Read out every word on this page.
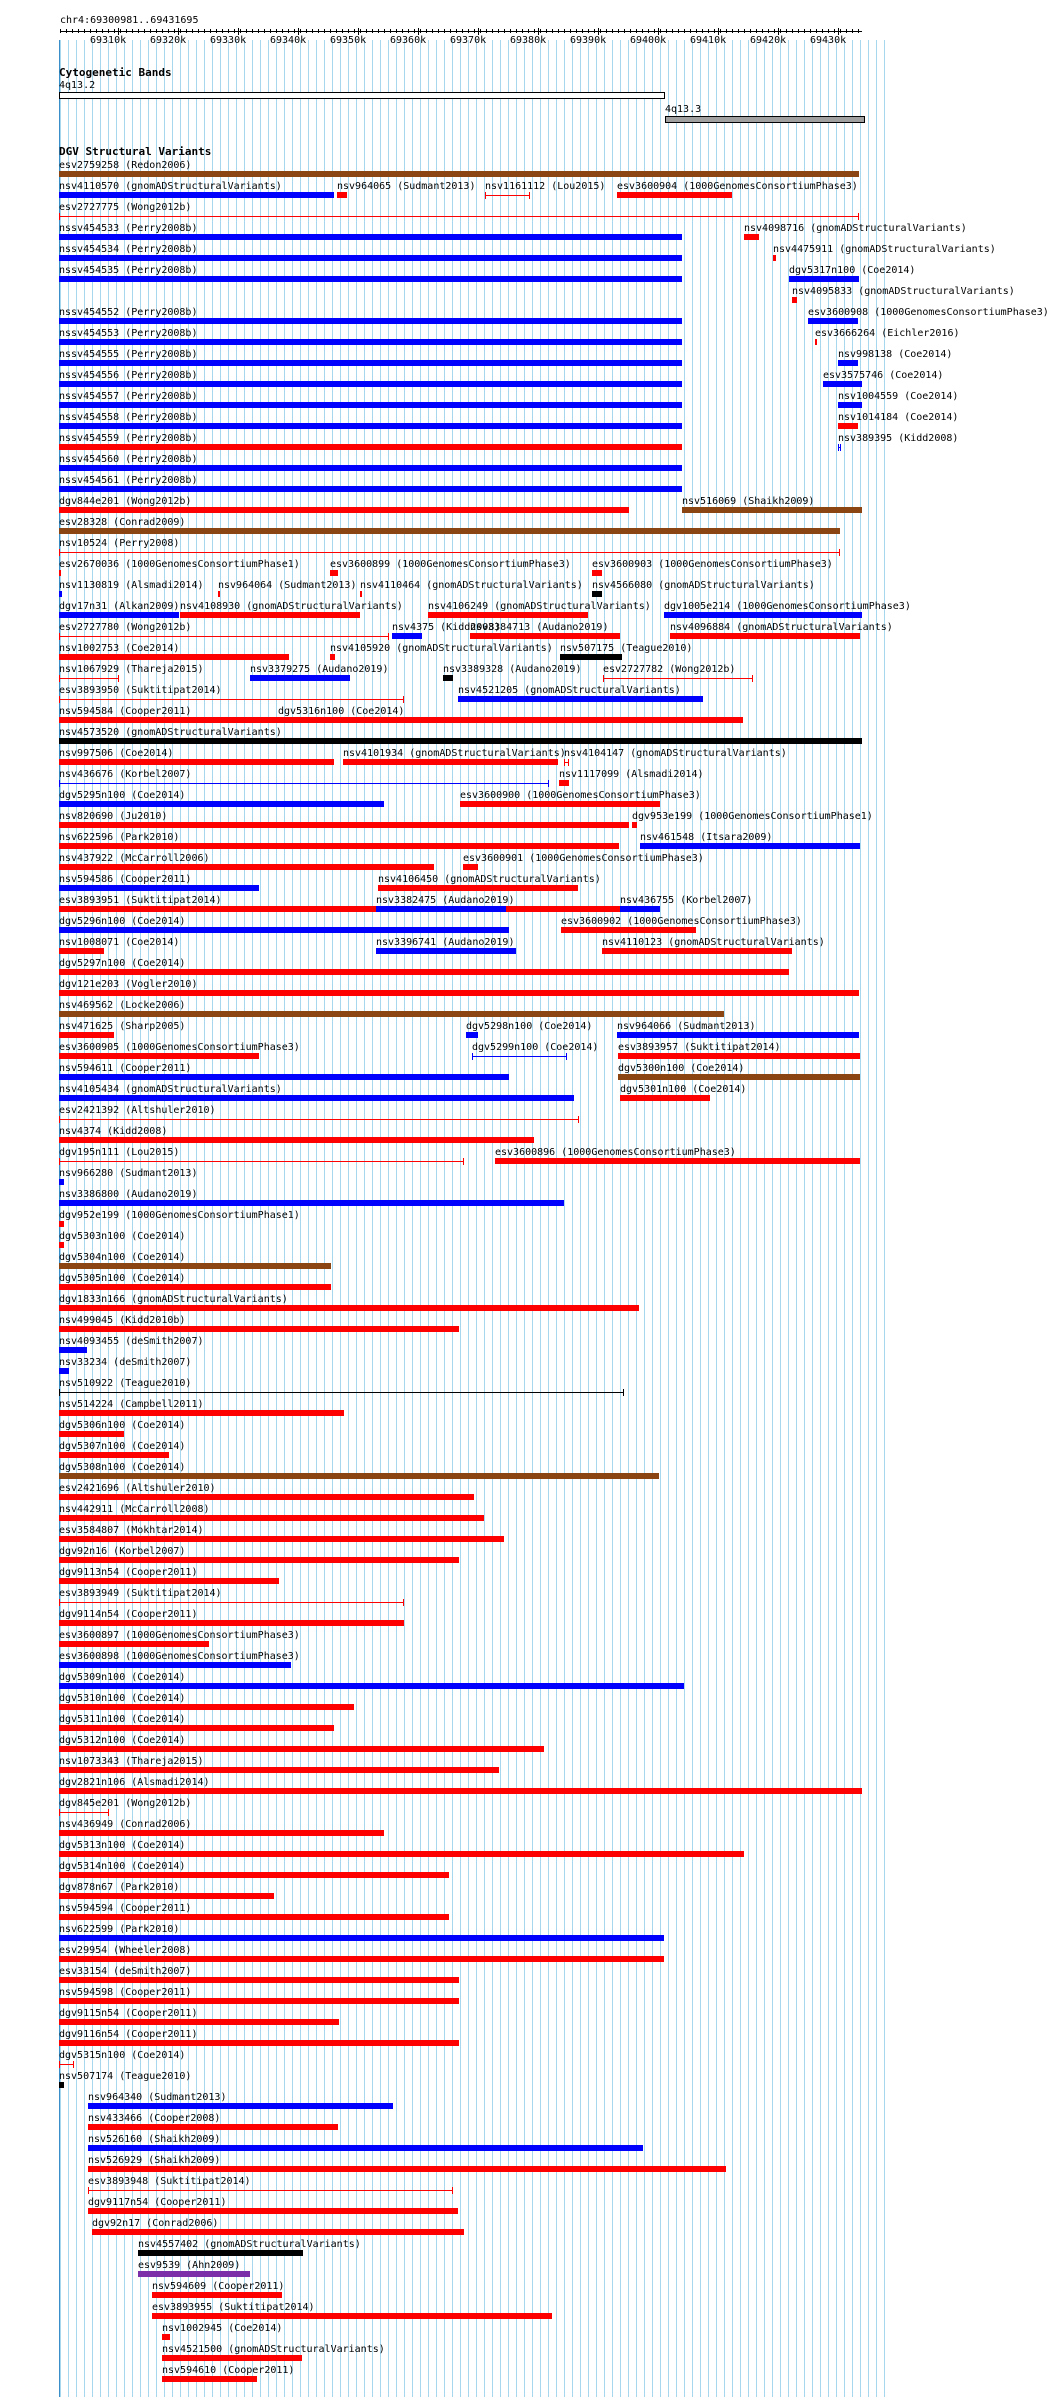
chr4:69300981..69431695
69310k 69320k 69330k 69340k 69350k 69360k 69370k 69380k 69390k 69400k 69410k 69420k 69430k
Cytogenetic Bands
4q13.2
4q13.3
DGV Structural Variants
esv2759258 (Redon2006)
nsv4110570 (gnomADStructuralVariants)	nsv964065 (Sudmant2013) nsv1161112 (Lou2015) esv3600904 (1000GenomesConsortiumPhase3)
esv2727775 (Wong2012b)
nsv4098716 (gnomADStructuralVariants)
nssv454533 (Perry2008b)
nsv4475911 (gnomADStructuralVariants)
nssv454534 (Perry2008b)
dgv5317n100 (Coe2014)
nssv454535 (Perry2008b)
nsv4095833 (gnomADStructuralVariants)
nssv454552 (Perry2008b)	esv3600908 (1000GenomesConsortiumPhase3)
nssv454553 (Perry2008b)	esv3666264 (Eichler2016)
nssv454555 (Perry2008b)	nsv998138 (Coe2014)
nssv454556 (Perry2008b)	esv3575746 (Coe2014)
nssv454557 (Perry2008b)	nsv1004559 (Coe2014)
nssv454558 (Perry2008b)	nsv1014184 (Coe2014)
nssv454559 (Perry2008b)	nsv389395 (Kidd2008)
nssv454560 (Perry2008b)
nssv454561 (Perry2008b)
dgv844e201 (Wong2012b)	nsv516069 (Shaikh2009)
esv28328 (Conrad2009)
nsv10524 (Perry2008)
esv2670036 (1000GenomesConsortiumPhase1)	esv3600899 (1000GenomesConsortiumPhase3) esv3600903 (1000GenomesConsortiumPhase3)
nsv1130819 (Alsmadi2014) nsv964064 (Sudmant2013) nsv4110464 (gnomADStructuralVariants) nsv4566080 (gnomADStructuralVariants)
dgv17n31 (Alkan2009) nsv4108930 (gnomADStructuralVariants)	nsv4106249 (gnomADStructuralVariants) dgv1005e214 (1000GenomesConsortiumPhase3)
esv2727780 (Wong2012b)	nsv4375 (Kidd2008)
nsv3384713 (Audano2019)	nsv4096884 (gnomADStructuralVariants)
nsv1002753 (Coe2014)	nsv4105920 (gnomADStructuralVariants) nsv507175 (Teague2010)
nsv1067929 (Thareja2015)	nsv3379275 (Audano2019)	nsv3389328 (Audano2019) esv2727782 (Wong2012b)
esv3893950 (Suktitipat2014)	nsv4521205 (gnomADStructuralVariants)
nsv594584 (Cooper2011)	dgv5316n100 (Coe2014)
nsv4573520 (gnomADStructuralVariants)
nsv997506 (Coe2014)	nsv4101934 (gnomADStructuralVariants)
nsv4104147 (gnomADStructuralVariants)
nsv436676 (Korbel2007)	nsv1117099 (Alsmadi2014)
dgv5295n100 (Coe2014)	esv3600900 (1000GenomesConsortiumPhase3)
nsv820690 (Ju2010)	dgv953e199 (1000GenomesConsortiumPhase1)
nsv622596 (Park2010)	nsv461548 (Itsara2009)
nsv437922 (McCarroll2006)	esv3600901 (1000GenomesConsortiumPhase3)
nsv594586 (Cooper2011)	nsv4106450 (gnomADStructuralVariants)
esv3893951 (Suktitipat2014)	nsv3382475 (Audano2019)	nsv436755 (Korbel2007)
dgv5296n100 (Coe2014)	esv3600902 (1000GenomesConsortiumPhase3)
nsv1008071 (Coe2014)	nsv3396741 (Audano2019)	nsv4110123 (gnomADStructuralVariants)
dgv5297n100 (Coe2014)
dgv121e203 (Vogler2010)
nsv469562 (Locke2006)
nsv471625 (Sharp2005)	dgv5298n100 (Coe2014) nsv964066 (Sudmant2013)
esv3600905 (1000GenomesConsortiumPhase3)	dgv5299n100 (Coe2014) esv3893957 (Suktitipat2014)
nsv594611 (Cooper2011)	dgv5300n100 (Coe2014)
nsv4105434 (gnomADStructuralVariants)	dgv5301n100 (Coe2014)
esv2421392 (Altshuler2010)
nsv4374 (Kidd2008)
dgv195n111 (Lou2015)	esv3600896 (1000GenomesConsortiumPhase3)
nsv966280 (Sudmant2013)
nsv3386800 (Audano2019)
dgv952e199 (1000GenomesConsortiumPhase1)
dgv5303n100 (Coe2014)
dgv5304n100 (Coe2014)
dgv5305n100 (Coe2014)
dgv1833n166 (gnomADStructuralVariants)
nsv499045 (Kidd2010b)
nsv4093455 (deSmith2007)
nsv33234 (deSmith2007)
nsv510922 (Teague2010)
nsv514224 (Campbell2011)
dgv5306n100 (Coe2014)
dgv5307n100 (Coe2014)
dgv5308n100 (Coe2014)
esv2421696 (Altshuler2010)
nsv442911 (McCarroll2008)
esv3584807 (Mokhtar2014)
dgv92n16 (Korbel2007)
dgv9113n54 (Cooper2011)
esv3893949 (Suktitipat2014)
dgv9114n54 (Cooper2011)
esv3600897 (1000GenomesConsortiumPhase3)
esv3600898 (1000GenomesConsortiumPhase3)
dgv5309n100 (Coe2014)
dgv5310n100 (Coe2014)
dgv5311n100 (Coe2014)
dgv5312n100 (Coe2014)
nsv1073343 (Thareja2015)
dgv2821n106 (Alsmadi2014)
dgv845e201 (Wong2012b)
nsv436949 (Conrad2006)
dgv5313n100 (Coe2014)
dgv5314n100 (Coe2014)
dgv878n67 (Park2010)
nsv594594 (Cooper2011)
nsv622599 (Park2010)
esv29954 (Wheeler2008)
esv33154 (deSmith2007)
nsv594598 (Cooper2011)
dgv9115n54 (Cooper2011)
dgv9116n54 (Cooper2011)
dgv5315n100 (Coe2014)
nsv507174 (Teague2010)
nsv964340 (Sudmant2013)
nsv433466 (Cooper2008)
nsv526160 (Shaikh2009)
nsv526929 (Shaikh2009)
esv3893948 (Suktitipat2014)
dgv9117n54 (Cooper2011)
dgv92n17 (Conrad2006)
nsv4557402 (gnomADStructuralVariants)
esv9539 (Ahn2009)
nsv594609 (Cooper2011)
esv3893955 (Suktitipat2014)
nsv1002945 (Coe2014)
nsv4521500 (gnomADStructuralVariants)
nsv594610 (Cooper2011)
